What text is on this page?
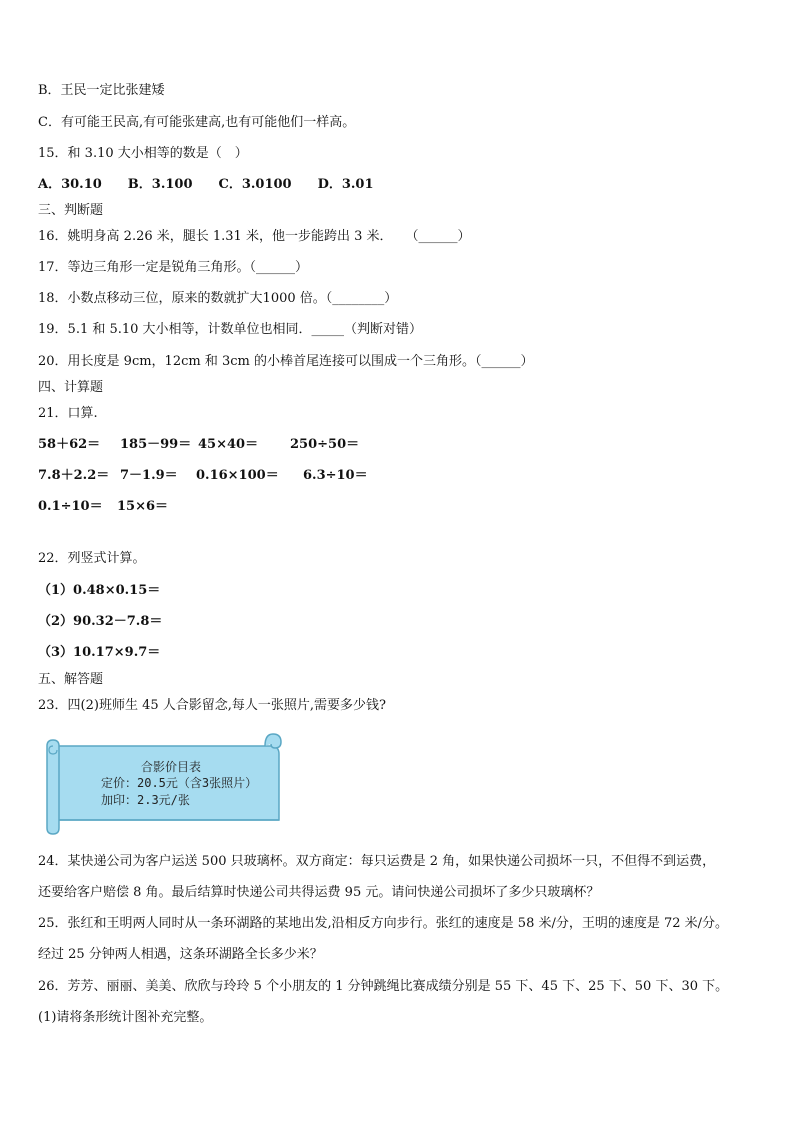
B．王民一定比张建矮
C．有可能王民高,有可能张建高,也有可能他们一样高。
15．和 3.10 大小相等的数是（　）
A．30.10　　B．3.100　　C．3.0100　　D．3.01
三、判断题
16．姚明身高 2.26 米，腿长 1.31 米，他一步能跨出 3 米．　　（______）
17．等边三角形一定是锐角三角形。（______）
18．小数点移动三位，原来的数就扩大1000 倍。（________）
19．5.1 和 5.10 大小相等，计数单位也相同．_____（判断对错）
20．用长度是 9cm，12cm 和 3cm 的小棒首尾连接可以围成一个三角形。（______）
四、计算题
21．口算.
58＋62＝ 185－99＝ 45×40＝ 250÷50＝
7.8＋2.2＝ 7－1.9＝ 0.16×100＝ 6.3÷10＝
0.1÷10＝ 15×6＝
22．列竖式计算。
（1）0.48×0.15＝
（2）90.32－7.8＝
（3）10.17×9.7＝
五、解答题
23．四(2)班师生 45 人合影留念,每人一张照片,需要多少钱?
合影价目表
定价：20.5元（含3张照片）
加印：2.3元/张
24．某快递公司为客户运送 500 只玻璃杯。双方商定：每只运费是 2 角，如果快递公司损坏一只，不但得不到运费，
还要给客户赔偿 8 角。最后结算时快递公司共得运费 95 元。请问快递公司损坏了多少只玻璃杯？
25．张红和王明两人同时从一条环湖路的某地出发,沿相反方向步行。张红的速度是 58 米/分，王明的速度是 72 米/分。
经过 25 分钟两人相遇，这条环湖路全长多少米？
26．芳芳、丽丽、美美、欣欣与玲玲 5 个小朋友的 1 分钟跳绳比赛成绩分别是 55 下、45 下、25 下、50 下、30 下。
(1)请将条形统计图补充完整。
